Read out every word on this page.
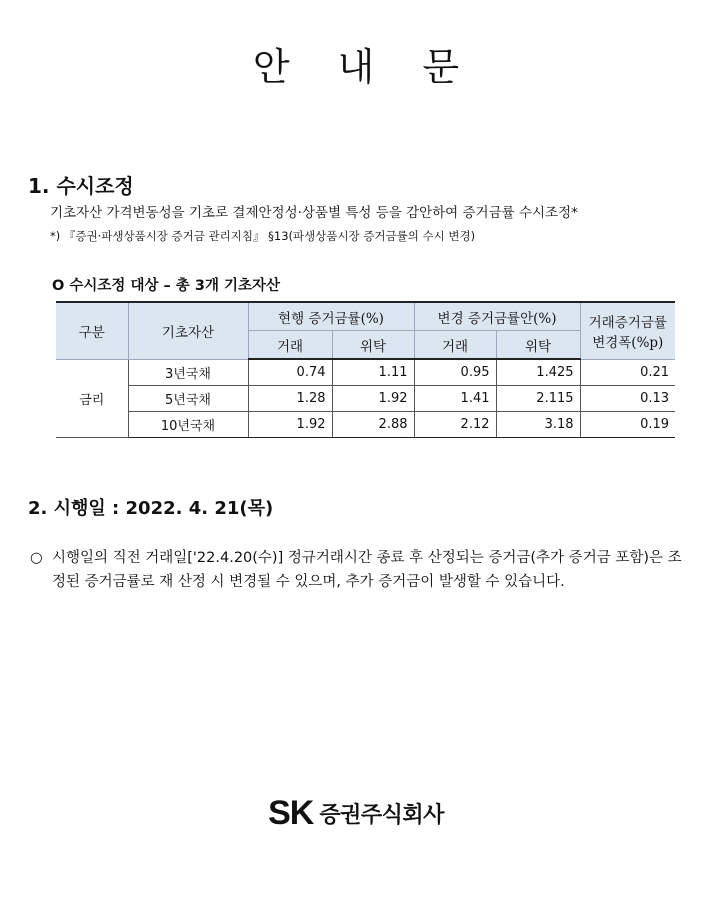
안 내 문
1. 수시조정
기초자산 가격변동성을 기초로 결제안정성·상품별 특성 등을 감안하여 증거금률 수시조정*
*) 『증권·파생상품시장 증거금 관리지침』 §13(파생상품시장 증거금률의 수시 변경)
O 수시조정 대상 – 총 3개 기초자산
구분	기초자산	현행 증거금률(%)		변경 증거금률안(%)		거래증거금률
변경폭(%p)

		거래	위탁	거래	위탁	
금리	3년국채	0.74	1.11	0.95	1.425	0.21
	5년국채	1.28	1.92	1.41	2.115	0.13
	10년국채	1.92	2.88	2.12	3.18	0.19
2. 시행일 : 2022. 4. 21(목)
○ 시행일의 직전 거래일['22.4.20(수)] 정규거래시간 종료 후 산정되는 증거금(추가 증거금 포함)은 조정된 증거금률로 재 산정 시 변경될 수 있으며, 추가 증거금이 발생할 수 있습니다.
SK 증권주식회사
